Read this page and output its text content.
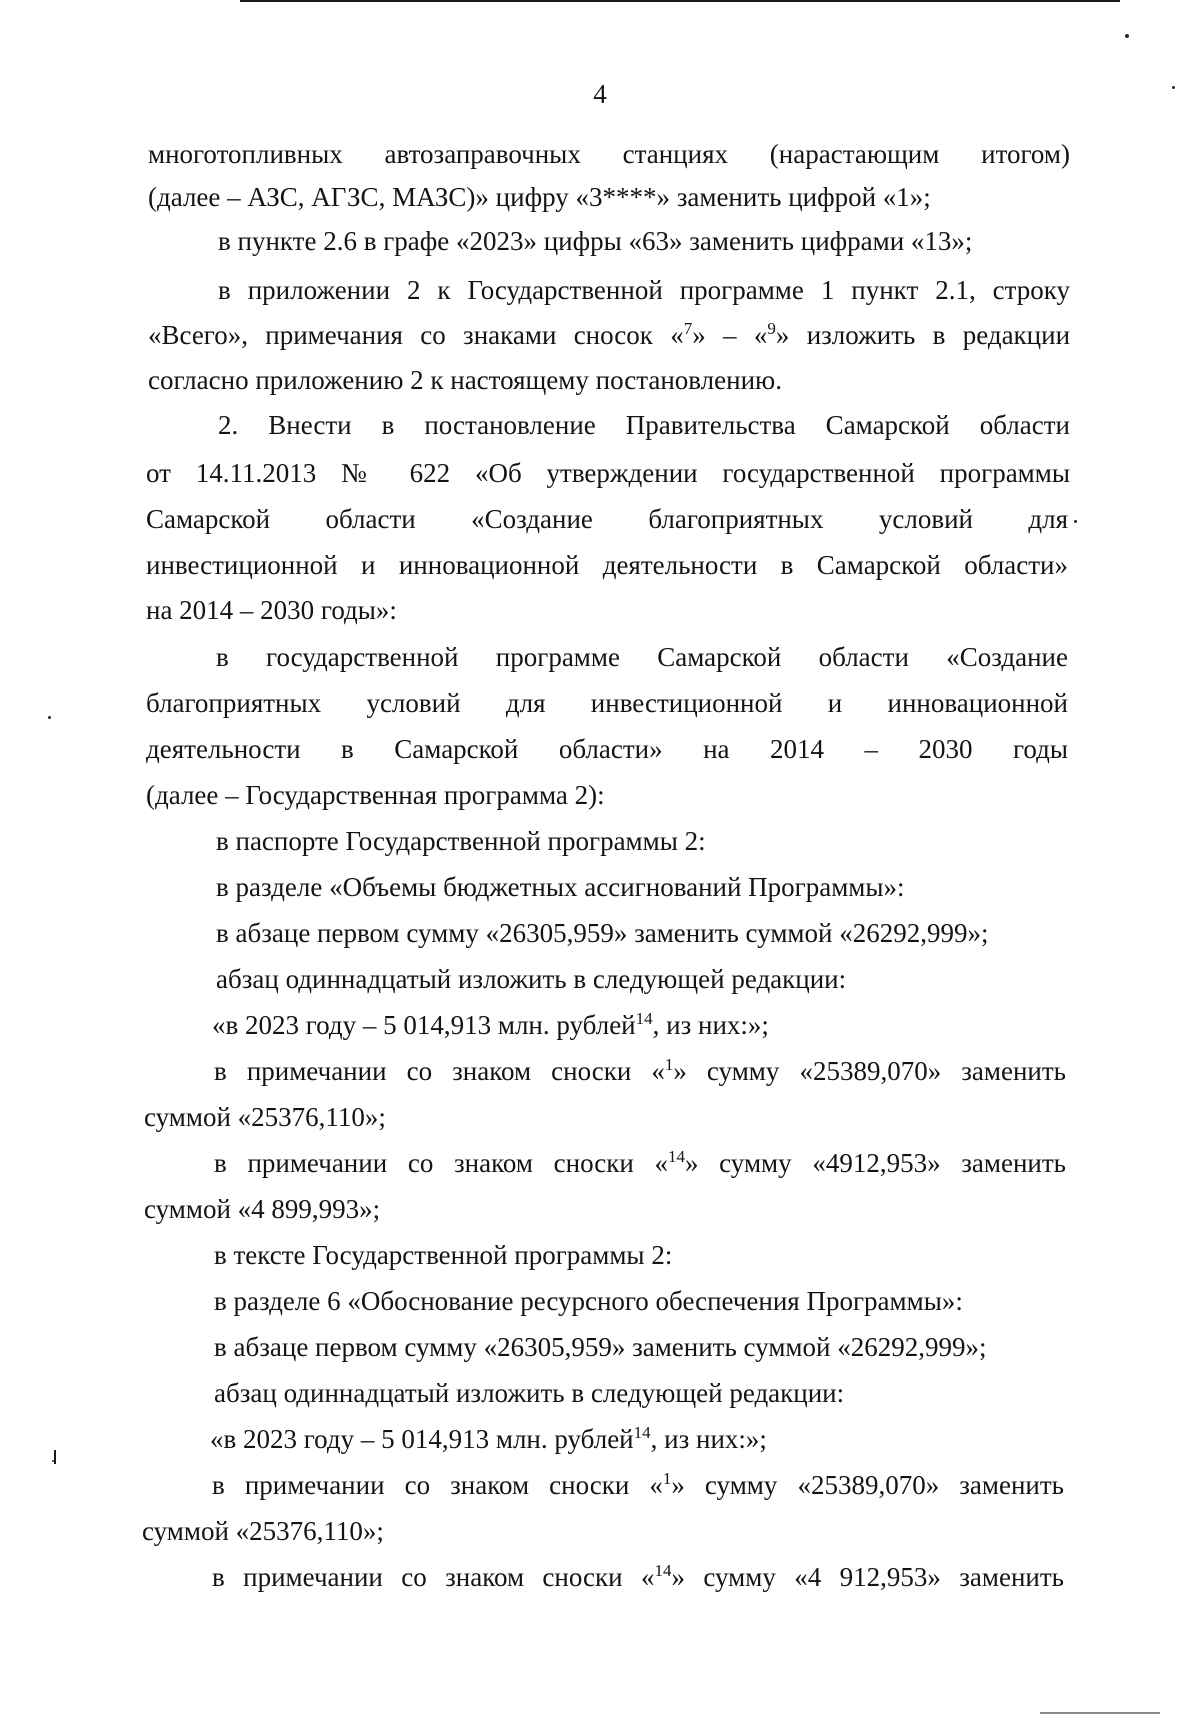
4
многотопливных автозаправочных станциях (нарастающим итогом)
(далее – АЗС, АГЗС, МАЗС)» цифру «3****» заменить цифрой «1»;
в пункте 2.6 в графе «2023» цифры «63» заменить цифрами «13»;
в приложении 2 к Государственной программе 1 пункт 2.1, строку
«Всего», примечания со знаками сносок «$^7$» – «$^9$» изложить в редакции
согласно приложению 2 к настоящему постановлению.
2. Внести в постановление Правительства Самарской области
от 14.11.2013 № 622 «Об утверждении государственной программы
Самарской области «Создание благоприятных условий для
инвестиционной и инновационной деятельности в Самарской области»
на 2014 – 2030 годы»:
в государственной программе Самарской области «Создание
благоприятных условий для инвестиционной и инновационной
деятельности в Самарской области» на 2014 – 2030 годы
(далее – Государственная программа 2):
в паспорте Государственной программы 2:
в разделе «Объемы бюджетных ассигнований Программы»:
в абзаце первом сумму «26305,959» заменить суммой «26292,999»;
абзац одиннадцатый изложить в следующей редакции:
«в 2023 году – 5 014,913 млн. рублей$^{14}$, из них:»;
в примечании со знаком сноски «$^1$» сумму «25389,070» заменить
суммой «25376,110»;
в примечании со знаком сноски «$^{14}$» сумму «4912,953» заменить
суммой «4 899,993»;
в тексте Государственной программы 2:
в разделе 6 «Обоснование ресурсного обеспечения Программы»:
в абзаце первом сумму «26305,959» заменить суммой «26292,999»;
абзац одиннадцатый изложить в следующей редакции:
«в 2023 году – 5 014,913 млн. рублей$^{14}$, из них:»;
в примечании со знаком сноски «$^1$» сумму «25389,070» заменить
суммой «25376,110»;
в примечании со знаком сноски «$^{14}$» сумму «4 912,953» заменить
